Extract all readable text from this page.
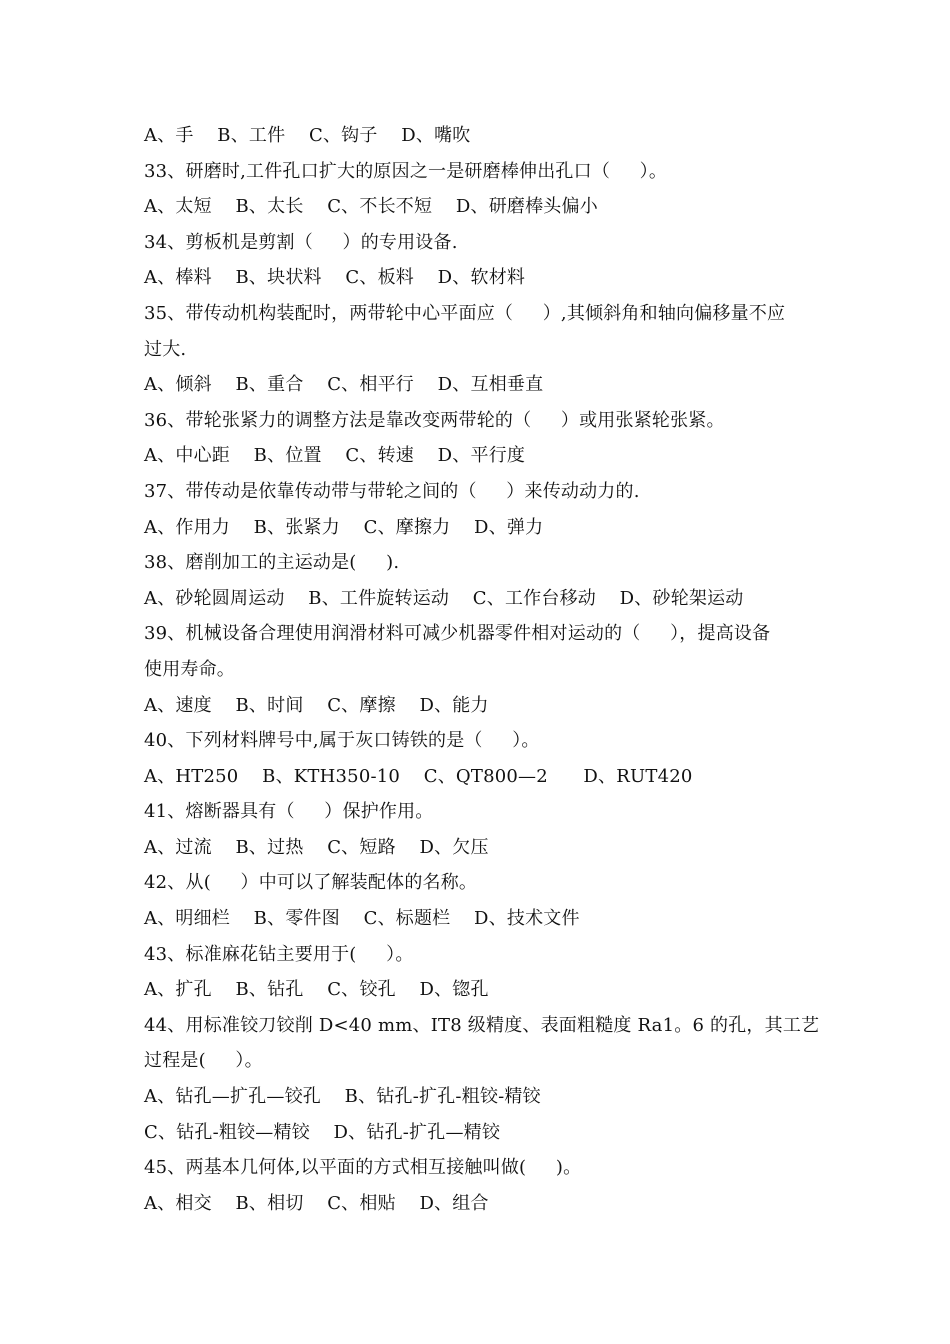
A、手    B、工件    C、钩子    D、嘴吹
33、研磨时,工件孔口扩大的原因之一是研磨棒伸出孔口（     ）。
A、太短    B、太长    C、不长不短    D、研磨棒头偏小
34、剪板机是剪割（     ）的专用设备.
A、棒料    B、块状料    C、板料    D、软材料
35、带传动机构装配时，两带轮中心平面应（     ）,其倾斜角和轴向偏移量不应
过大.
A、倾斜    B、重合    C、相平行    D、互相垂直
36、带轮张紧力的调整方法是靠改变两带轮的（     ）或用张紧轮张紧。
A、中心距    B、位置    C、转速    D、平行度
37、带传动是依靠传动带与带轮之间的（     ）来传动动力的.
A、作用力    B、张紧力    C、摩擦力    D、弹力
38、磨削加工的主运动是(     ).
A、砂轮圆周运动    B、工件旋转运动    C、工作台移动    D、砂轮架运动
39、机械设备合理使用润滑材料可减少机器零件相对运动的（     ），提高设备
使用寿命。
A、速度    B、时间    C、摩擦    D、能力
40、下列材料牌号中,属于灰口铸铁的是（     ）。
A、HT250    B、KTH350-10    C、QT800—2      D、RUT420
41、熔断器具有（     ）保护作用。
A、过流    B、过热    C、短路    D、欠压
42、从(     ）中可以了解装配体的名称。
A、明细栏    B、零件图    C、标题栏    D、技术文件
43、标准麻花钻主要用于(     ）。
A、扩孔    B、钻孔    C、铰孔    D、锪孔
44、用标准铰刀铰削 D<40 mm、IT8 级精度、表面粗糙度 Ra1。6 的孔，其工艺
过程是(     ）。
A、钻孔—扩孔—铰孔    B、钻孔-扩孔-粗铰-精铰
C、钻孔-粗铰—精铰    D、钻孔-扩孔—精铰
45、两基本几何体,以平面的方式相互接触叫做(     )。
A、相交    B、相切    C、相贴    D、组合
